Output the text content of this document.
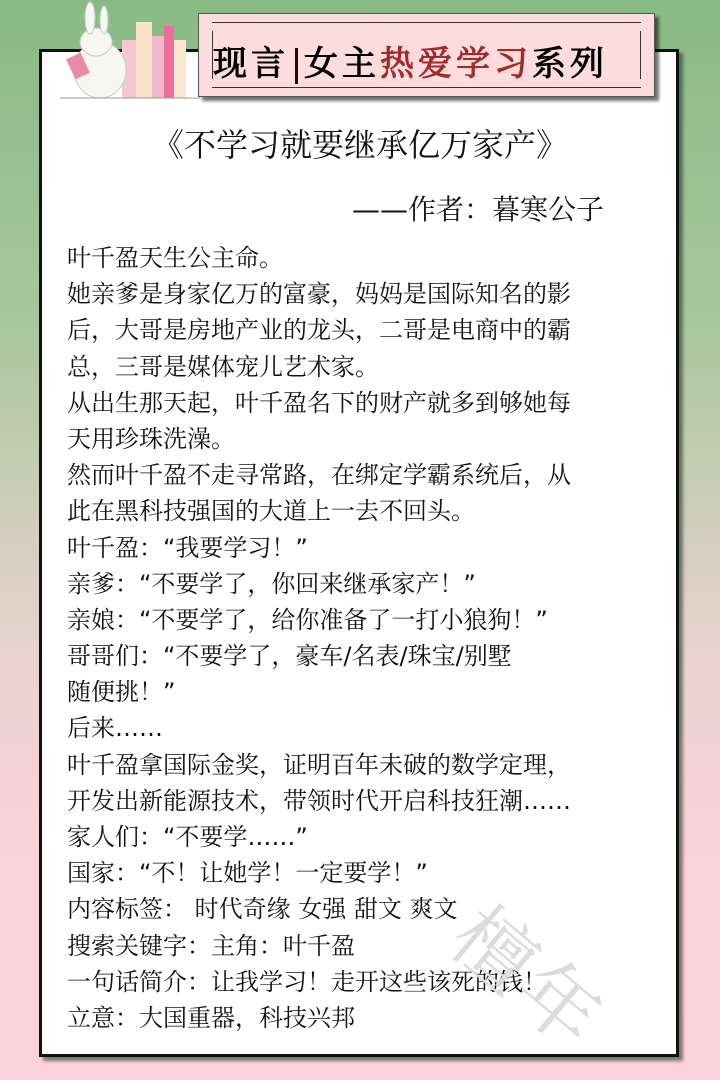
现言 女主热爱学习系列
《不学习就要继承亿万家产》
——作者：暮寒公子
叶千盈天生公主命。
她亲爹是身家亿万的富豪，妈妈是国际知名的影
后，大哥是房地产业的龙头，二哥是电商中的霸
总，三哥是媒体宠儿艺术家。
从出生那天起，叶千盈名下的财产就多到够她每
天用珍珠洗澡。
然而叶千盈不走寻常路，在绑定学霸系统后，从
此在黑科技强国的大道上一去不回头。
叶千盈：“我要学习！”
亲爹：“不要学了，你回来继承家产！”
亲娘：“不要学了，给你准备了一打小狼狗！”
哥哥们：“不要学了，豪车/名表/珠宝/别墅
随便挑！”
后来……
叶千盈拿国际金奖，证明百年未破的数学定理，
开发出新能源技术，带领时代开启科技狂潮……
家人们：“不要学……”
国家：“不！让她学！一定要学！”
内容标签： 时代奇缘 女强 甜文 爽文
搜索关键字：主角：叶千盈
一句话简介：让我学习！走开这些该死的钱！
立意：大国重器，科技兴邦 檀年
